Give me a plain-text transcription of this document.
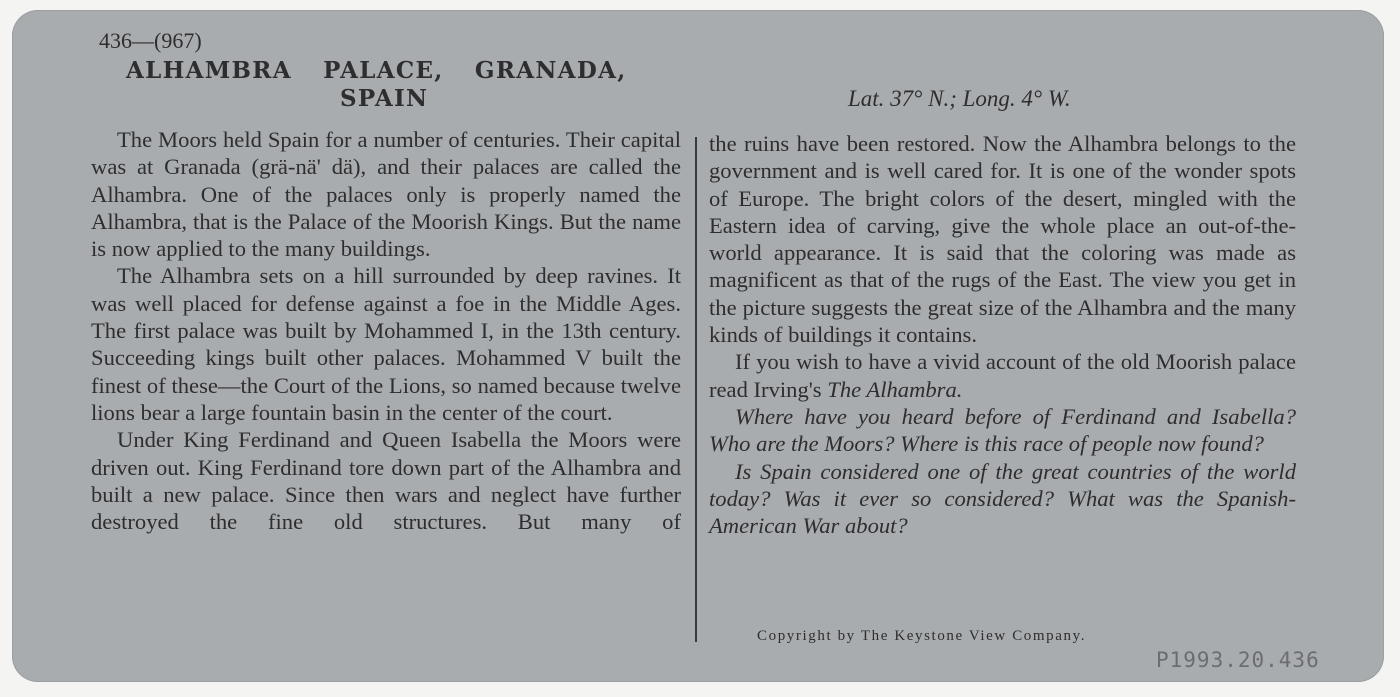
436—(967)
ALHAMBRA PALACE, GRANADA,
SPAIN	Lat. 37° N.; Long. 4° W.

The Moors held Spain for a number of centuries. Their capital was at Granada (grä-nä' dä), and their palaces are called the Alhambra. One of the palaces only is properly named the Alhambra, that is the Palace of the Moorish Kings. But the name is now applied to the many buildings.

The Alhambra sets on a hill surrounded by deep ravines. It was well placed for defense against a foe in the Middle Ages. The first palace was built by Mohammed I, in the 13th century. Succeeding kings built other palaces. Mohammed V built the finest of these—the Court of the Lions, so named because twelve lions bear a large fountain basin in the center of the court.

Under King Ferdinand and Queen Isabella the Moors were driven out. King Ferdinand tore down part of the Alhambra and built a new palace. Since then wars and neglect have further destroyed the fine old structures. But many of

the ruins have been restored. Now the Alhambra belongs to the government and is well cared for. It is one of the wonder spots of Europe. The bright colors of the desert, mingled with the Eastern idea of carving, give the whole place an out-of-the-world appearance. It is said that the coloring was made as magnificent as that of the rugs of the East. The view you get in the picture suggests the great size of the Alhambra and the many kinds of buildings it contains.

If you wish to have a vivid account of the old Moorish palace read Irving's The Alhambra.

Where have you heard before of Ferdinand and Isabella? Who are the Moors? Where is this race of people now found?

Is Spain considered one of the great countries of the world today? Was it ever so considered? What was the Spanish-American War about?

Copyright by The Keystone View Company.
P1993.20.436
